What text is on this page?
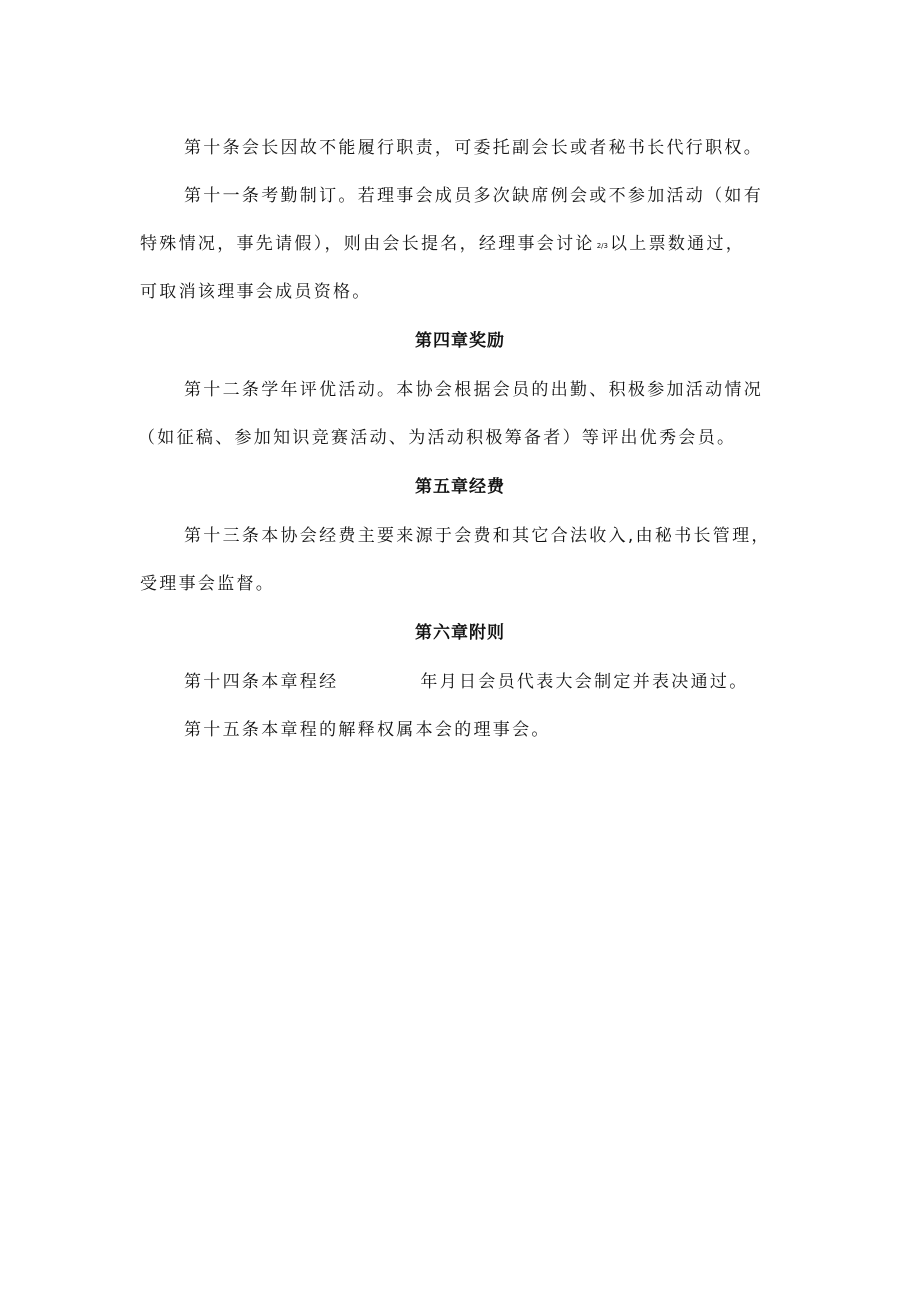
第十条会长因故不能履行职责，可委托副会长或者秘书长代行职权。
第十一条考勤制订。若理事会成员多次缺席例会或不参加活动（如有
特殊情况，事先请假），则由会长提名，经理事会讨论 2/3 以上票数通过，
可取消该理事会成员资格。
第四章奖励
第十二条学年评优活动。本协会根据会员的出勤、积极参加活动情况
（如征稿、参加知识竞赛活动、为活动积极筹备者）等评出优秀会员。
第五章经费
第十三条本协会经费主要来源于会费和其它合法收入,由秘书长管理，
受理事会监督。
第六章附则
第十四条本章程经	年月日会员代表大会制定并表决通过。
第十五条本章程的解释权属本会的理事会。
